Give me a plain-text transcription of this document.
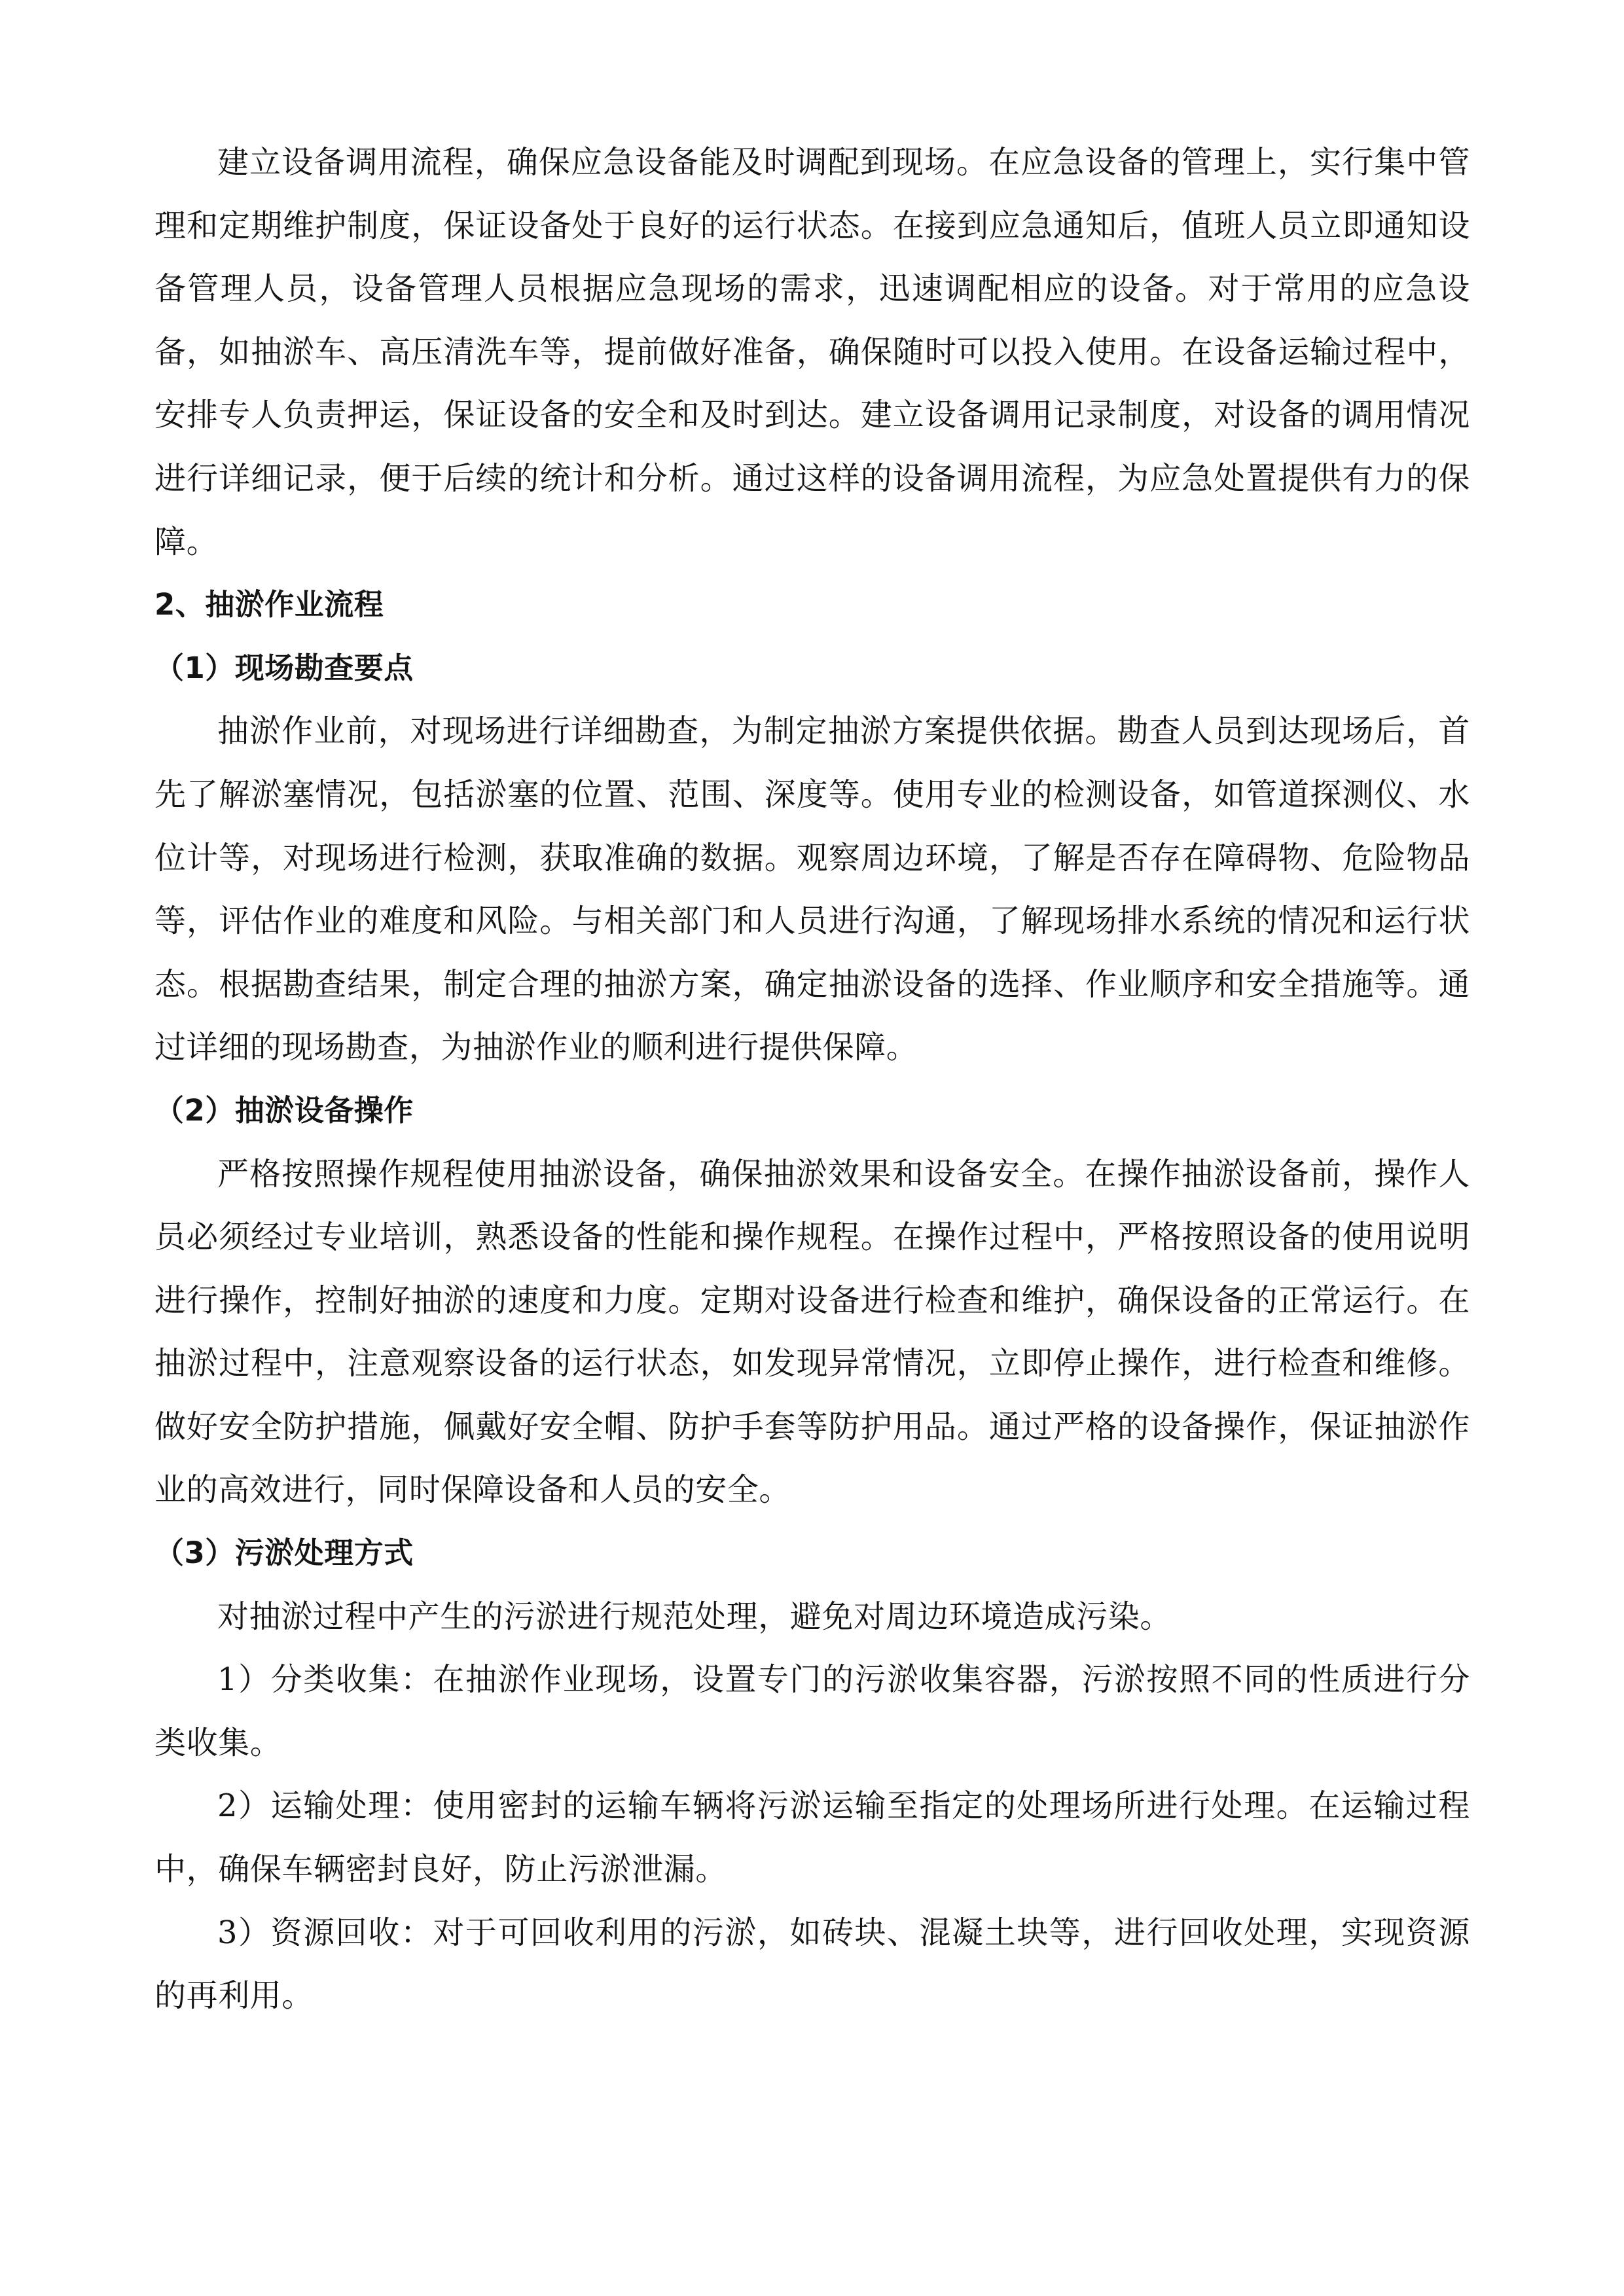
建立设备调用流程，确保应急设备能及时调配到现场。在应急设备的管理上，实行集中管理和定期维护制度，保证设备处于良好的运行状态。在接到应急通知后，值班人员立即通知设备管理人员，设备管理人员根据应急现场的需求，迅速调配相应的设备。对于常用的应急设备，如抽淤车、高压清洗车等，提前做好准备，确保随时可以投入使用。在设备运输过程中，安排专人负责押运，保证设备的安全和及时到达。建立设备调用记录制度，对设备的调用情况进行详细记录，便于后续的统计和分析。通过这样的设备调用流程，为应急处置提供有力的保障。

2、抽淤作业流程

（1）现场勘查要点

抽淤作业前，对现场进行详细勘查，为制定抽淤方案提供依据。勘查人员到达现场后，首先了解淤塞情况，包括淤塞的位置、范围、深度等。使用专业的检测设备，如管道探测仪、水位计等，对现场进行检测，获取准确的数据。观察周边环境，了解是否存在障碍物、危险物品等，评估作业的难度和风险。与相关部门和人员进行沟通，了解现场排水系统的情况和运行状态。根据勘查结果，制定合理的抽淤方案，确定抽淤设备的选择、作业顺序和安全措施等。通过详细的现场勘查，为抽淤作业的顺利进行提供保障。

（2）抽淤设备操作

严格按照操作规程使用抽淤设备，确保抽淤效果和设备安全。在操作抽淤设备前，操作人员必须经过专业培训，熟悉设备的性能和操作规程。在操作过程中，严格按照设备的使用说明进行操作，控制好抽淤的速度和力度。定期对设备进行检查和维护，确保设备的正常运行。在抽淤过程中，注意观察设备的运行状态，如发现异常情况，立即停止操作，进行检查和维修。做好安全防护措施，佩戴好安全帽、防护手套等防护用品。通过严格的设备操作，保证抽淤作业的高效进行，同时保障设备和人员的安全。

（3）污淤处理方式

对抽淤过程中产生的污淤进行规范处理，避免对周边环境造成污染。

1）分类收集：在抽淤作业现场，设置专门的污淤收集容器，污淤按照不同的性质进行分类收集。

2）运输处理：使用密封的运输车辆将污淤运输至指定的处理场所进行处理。在运输过程中，确保车辆密封良好，防止污淤泄漏。

3）资源回收：对于可回收利用的污淤，如砖块、混凝土块等，进行回收处理，实现资源的再利用。
